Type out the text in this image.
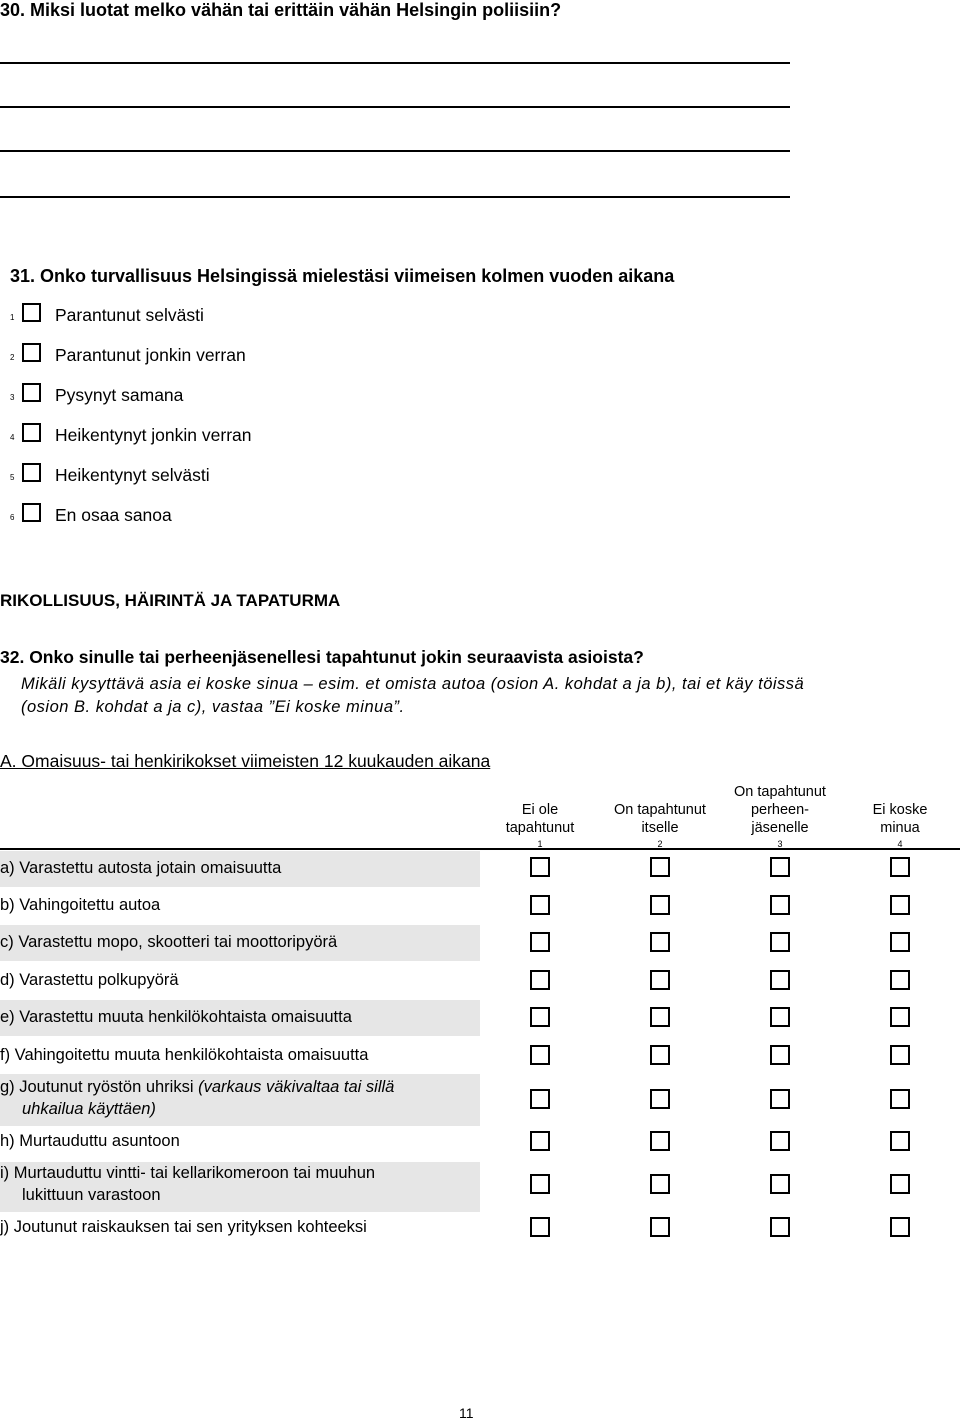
30. Miksi luotat melko vähän tai erittäin vähän Helsingin poliisiin?
31. Onko turvallisuus Helsingissä mielestäsi viimeisen kolmen vuoden aikana
1 Parantunut selvästi
2 Parantunut jonkin verran
3 Pysynyt samana
4 Heikentynyt jonkin verran
5 Heikentynyt selvästi
6 En osaa sanoa
RIKOLLISUUS, HÄIRINTÄ JA TAPATURMA
32. Onko sinulle tai perheenjäsenellesi tapahtunut jokin seuraavista asioista?
Mikäli kysyttävä asia ei koske sinua – esim. et omista autoa (osion A. kohdat a ja b), tai et käy töissä
(osion B. kohdat a ja c), vastaa ”Ei koske minua”.
A. Omaisuus- tai henkirikokset viimeisten 12 kuukauden aikana
Ei ole
tapahtunut
1
On tapahtunut
itselle
2
On tapahtunut
perheen-
jäsenelle
3
Ei koske
minua
4
a) Varastettu autosta jotain omaisuutta
b) Vahingoitettu autoa
c) Varastettu mopo, skootteri tai moottoripyörä
d) Varastettu polkupyörä
e) Varastettu muuta henkilökohtaista omaisuutta
f) Vahingoitettu muuta henkilökohtaista omaisuutta
g) Joutunut ryöstön uhriksi (varkaus väkivaltaa tai sillä
uhkailua käyttäen)
h) Murtauduttu asuntoon
i) Murtauduttu vintti- tai kellarikomeroon tai muuhun
lukittuun varastoon
j) Joutunut raiskauksen tai sen yrityksen kohteeksi
11
